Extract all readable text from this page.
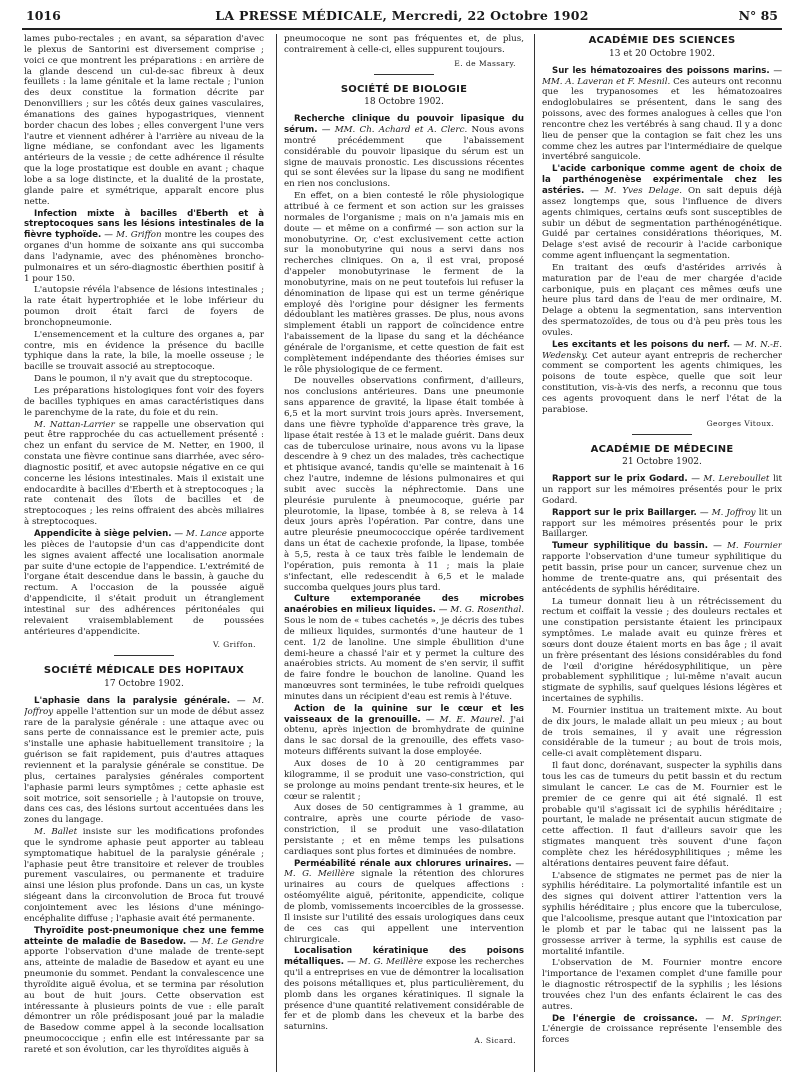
1016	LA PRESSE MÉDICALE, Mercredi, 22 Octobre 1902	N° 85

lames pubo-rectales ; en avant, sa séparation d'avec le plexus de Santorini est diversement comprise ; voici ce que montrent les préparations : en arrière de la glande descend un cul-de-sac fibreux à deux feuillets : la lame génitale et la lame rectale ; l'union des deux constitue la formation décrite par Denonvilliers ; sur les côtés deux gaines vasculaires, émanations des gaines hypogastriques, viennent border chacun des lobes ; elles convergent l'une vers l'autre et viennent adhérer à l'arrière au niveau de la ligne médiane, se confondant avec les ligaments antérieurs de la vessie ; de cette adhérence il résulte que la loge prostatique est double en avant ; chaque lobe a sa loge distincte, et la dualité de la prostate, glande paire et symétrique, apparaît encore plus nette.

Infection mixte à bacilles d'Eberth et à streptocoques sans les lésions intestinales de la fièvre typhoïde. — M. Griffon montre les coupes des organes d'un homme de soixante ans qui succomba dans l'adynamie, avec des phénomènes broncho-pulmonaires et un séro-diagnostic éberthien positif à 1 pour 150.

L'autopsie révéla l'absence de lésions intestinales ; la rate était hypertrophiée et le lobe inférieur du poumon droit était farci de foyers de bronchopneumonie.

L'ensemencement et la culture des organes a, par contre, mis en évidence la présence du bacille typhique dans la rate, la bile, la moelle osseuse ; le bacille se trouvait associé au streptocoque.

Dans le poumon, il n'y avait que du streptocoque.

Les préparations histologiques font voir des foyers de bacilles typhiques en amas caractéristiques dans le parenchyme de la rate, du foie et du rein.

M. Nattan-Larrier se rappelle une observation qui peut être rapprochée du cas actuellement présenté : chez un enfant du service de M. Netter, en 1900, il constata une fièvre continue sans diarrhée, avec séro-diagnostic positif, et avec autopsie négative en ce qui concerne les lésions intestinales. Mais il existait une endocardite à bacilles d'Eberth et à streptocoques ; la rate contenait des îlots de bacilles et de streptocoques ; les reins offraient des abcès miliaires à streptocoques.

Appendicite à siège pelvien. — M. Lance apporte les pièces de l'autopsie d'un cas d'appendicite dont les signes avaient affecté une localisation anormale par suite d'une ectopie de l'appendice. L'extrémité de l'organe était descendue dans le bassin, à gauche du rectum. A l'occasion de la poussée aiguë d'appendicite, il s'était produit un étranglement intestinal sur des adhérences péritonéales qui relevaient vraisemblablement de poussées antérieures d'appendicite.

V. Griffon.
SOCIÉTÉ MÉDICALE DES HOPITAUX
17 Octobre 1902.

L'aphasie dans la paralysie générale. — M. Joffroy appelle l'attention sur un mode de début assez rare de la paralysie générale : une attaque avec ou sans perte de connaissance est le premier acte, puis s'installe une aphasie habituellement transitoire ; la guérison se fait rapidement, puis d'autres attaques reviennent et la paralysie générale se constitue. De plus, certaines paralysies générales comportent l'aphasie parmi leurs symptômes ; cette aphasie est soit motrice, soit sensorielle ; à l'autopsie on trouve, dans ces cas, des lésions surtout accentuées dans les zones du langage.

M. Ballet insiste sur les modifications profondes que le syndrome aphasie peut apporter au tableau symptomatique habituel de la paralysie générale ; l'aphasie peut être transitoire et relever de troubles purement vasculaires, ou permanente et traduire ainsi une lésion plus profonde. Dans un cas, un kyste siégeant dans la circonvolution de Broca fut trouvé conjointement avec les lésions d'une méningo-encéphalite diffuse ; l'aphasie avait été permanente.

Thyroïdite post-pneumonique chez une femme atteinte de maladie de Basedow. — M. Le Gendre apporte l'observation d'une malade de trente-sept ans, atteinte de maladie de Basedow et ayant eu une pneumonie du sommet. Pendant la convalescence une thyroïdite aiguë évolua, et se termina par résolution au bout de huit jours. Cette observation est intéressante à plusieurs points de vue : elle paraît démontrer un rôle prédisposant joué par la maladie de Basedow comme appel à la seconde localisation pneumococcique ; enfin elle est intéressante par sa rareté et son évolution, car les thyroïdites aiguës à

pneumocoque ne sont pas fréquentes et, de plus, contrairement à celle-ci, elles suppurent toujours.

E. de Massary.
SOCIÉTÉ DE BIOLOGIE
18 Octobre 1902.

Recherche clinique du pouvoir lipasique du sérum. — MM. Ch. Achard et A. Clerc. Nous avons montré précédemment que l'abaissement considérable du pouvoir lipasique du sérum est un signe de mauvais pronostic. Les discussions récentes qui se sont élevées sur la lipase du sang ne modifient en rien nos conclusions.

En effet, on a bien contesté le rôle physiologique attribué à ce ferment et son action sur les graisses normales de l'organisme ; mais on n'a jamais mis en doute — et même on a confirmé — son action sur la monobutyrine. Or, c'est exclusivement cette action sur la monobutyrine qui nous a servi dans nos recherches cliniques. On a, il est vrai, proposé d'appeler monobutyrinase le ferment de la monobutyrine, mais on ne peut toutefois lui refuser la dénomination de lipase qui est un terme générique employé dès l'origine pour désigner les ferments dédoublant les matières grasses. De plus, nous avons simplement établi un rapport de coïncidence entre l'abaissement de la lipase du sang et la déchéance générale de l'organisme, et cette question de fait est complètement indépendante des théories émises sur le rôle physiologique de ce ferment.

De nouvelles observations confirment, d'ailleurs, nos conclusions antérieures. Dans une pneumonie sans apparence de gravité, la lipase était tombée à 6,5 et la mort survint trois jours après. Inversement, dans une fièvre typhoïde d'apparence très grave, la lipase était restée à 13 et le malade guérit. Dans deux cas de tuberculose urinaire, nous avons vu la lipase descendre à 9 chez un des malades, très cachectique et phtisique avancé, tandis qu'elle se maintenait à 16 chez l'autre, indemne de lésions pulmonaires et qui subit avec succès la néphrectomie. Dans une pleurésie purulente à pneumocoque, guérie par pleurotomie, la lipase, tombée à 8, se releva à 14 deux jours après l'opération. Par contre, dans une autre pleurésie pneumococcique opérée tardivement dans un état de cachexie profonde, la lipase, tombée à 5,5, resta à ce taux très faible le lendemain de l'opération, puis remonta à 11 ; mais la plaie s'infectant, elle redescendit à 6,5 et le malade succomba quelques jours plus tard.

Culture extemporanée des microbes anaérobies en milieux liquides. — M. G. Rosenthal. Sous le nom de « tubes cachetés », je décris des tubes de milieux liquides, surmontés d'une hauteur de 1 cent. 1/2 de lanoline. Une simple ébullition d'une demi-heure a chassé l'air et y permet la culture des anaérobies stricts. Au moment de s'en servir, il suffit de faire fondre le bouchon de lanoline. Quand les manœuvres sont terminées, le tube refroidi quelques minutes dans un récipient d'eau est remis à l'étuve.

Action de la quinine sur le cœur et les vaisseaux de la grenouille. — M. E. Maurel. J'ai obtenu, après injection de bromhydrate de quinine dans le sac dorsal de la grenouille, des effets vaso-moteurs différents suivant la dose employée.

Aux doses de 10 à 20 centigrammes par kilogramme, il se produit une vaso-constriction, qui se prolonge au moins pendant trente-six heures, et le cœur se ralentit ;

Aux doses de 50 centigrammes à 1 gramme, au contraire, après une courte période de vaso-constriction, il se produit une vaso-dilatation persistante ; et en même temps les pulsations cardiaques sont plus fortes et diminuées de nombre.

Perméabilité rénale aux chlorures urinaires. — M. G. Meillère signale la rétention des chlorures urinaires au cours de quelques affections : ostéomyélite aiguë, péritonite, appendicite, colique de plomb, vomissements incoercibles de la grossesse. Il insiste sur l'utilité des essais urologiques dans ceux de ces cas qui appellent une intervention chirurgicale.

Localisation kératinique des poisons métalliques. — M. G. Meillère expose les recherches qu'il a entreprises en vue de démontrer la localisation des poisons métalliques et, plus particulièrement, du plomb dans les organes kératiniques. Il signale la présence d'une quantité relativement considérable de fer et de plomb dans les cheveux et la barbe des saturnins.

A. Sicard.
ACADÉMIE DES SCIENCES
13 et 20 Octobre 1902.

Sur les hématozoaires des poissons marins. — MM. A. Laveran et F. Mesnil. Ces auteurs ont reconnu que les trypanosomes et les hématozoaires endoglobulaires se présentent, dans le sang des poissons, avec des formes analogues à celles que l'on rencontre chez les vertébrés à sang chaud. Il y a donc lieu de penser que la contagion se fait chez les uns comme chez les autres par l'intermédiaire de quelque invertébré sanguicole.

L'acide carbonique comme agent de choix de la parthénogenèse expérimentale chez les astéries. — M. Yves Delage. On sait depuis déjà assez longtemps que, sous l'influence de divers agents chimiques, certains œufs sont susceptibles de subir un début de segmentation parthénogénétique. Guidé par certaines considérations théoriques, M. Delage s'est avisé de recourir à l'acide carbonique comme agent influençant la segmentation.

En traitant des œufs d'astérides arrivés à maturation par de l'eau de mer chargée d'acide carbonique, puis en plaçant ces mêmes œufs une heure plus tard dans de l'eau de mer ordinaire, M. Delage a obtenu la segmentation, sans intervention des spermatozoïdes, de tous ou d'à peu près tous les ovules.

Les excitants et les poisons du nerf. — M. N.-E. Wedensky. Cet auteur ayant entrepris de rechercher comment se comportent les agents chimiques, les poisons de toute espèce, quelle que soit leur constitution, vis-à-vis des nerfs, a reconnu que tous ces agents provoquent dans le nerf l'état de la parabiose.

Georges Vitoux.
ACADÉMIE DE MÉDECINE
21 Octobre 1902.

Rapport sur le prix Godard. — M. Lereboullet lit un rapport sur les mémoires présentés pour le prix Godard.

Rapport sur le prix Baillarger. — M. Joffroy lit un rapport sur les mémoires présentés pour le prix Baillarger.

Tumeur syphilitique du bassin. — M. Fournier rapporte l'observation d'une tumeur syphilitique du petit bassin, prise pour un cancer, survenue chez un homme de trente-quatre ans, qui présentait des antécédents de syphilis héréditaire.

La tumeur donnait lieu à un rétrécissement du rectum et coiffait la vessie ; des douleurs rectales et une constipation persistante étaient les principaux symptômes. Le malade avait eu quinze frères et sœurs dont douze étaient morts en bas âge ; il avait un frère présentant des lésions considérables du fond de l'œil d'origine hérédosyphilitique, un père probablement syphilitique ; lui-même n'avait aucun stigmate de syphilis, sauf quelques lésions légères et incertaines de syphilis.

M. Fournier institua un traitement mixte. Au bout de dix jours, le malade allait un peu mieux ; au bout de trois semaines, il y avait une régression considérable de la tumeur ; au bout de trois mois, celle-ci avait complètement disparu.

Il faut donc, dorénavant, suspecter la syphilis dans tous les cas de tumeurs du petit bassin et du rectum simulant le cancer. Le cas de M. Fournier est le premier de ce genre qui ait été signalé. Il est probable qu'il s'agissait ici de syphilis héréditaire ; pourtant, le malade ne présentait aucun stigmate de cette affection. Il faut d'ailleurs savoir que les stigmates manquent très souvent d'une façon complète chez les hérédosyphilitiques ; même les altérations dentaires peuvent faire défaut.

L'absence de stigmates ne permet pas de nier la syphilis héréditaire. La polymortalité infantile est un des signes qui doivent attirer l'attention vers la syphilis héréditaire ; plus encore que la tuberculose, que l'alcoolisme, presque autant que l'intoxication par le plomb et par le tabac qui ne laissent pas la grossesse arriver à terme, la syphilis est cause de mortalité infantile.

L'observation de M. Fournier montre encore l'importance de l'examen complet d'une famille pour le diagnostic rétrospectif de la syphilis ; les lésions trouvées chez l'un des enfants éclairent le cas des autres.

De l'énergie de croissance. — M. Springer. L'énergie de croissance représente l'ensemble des forces
